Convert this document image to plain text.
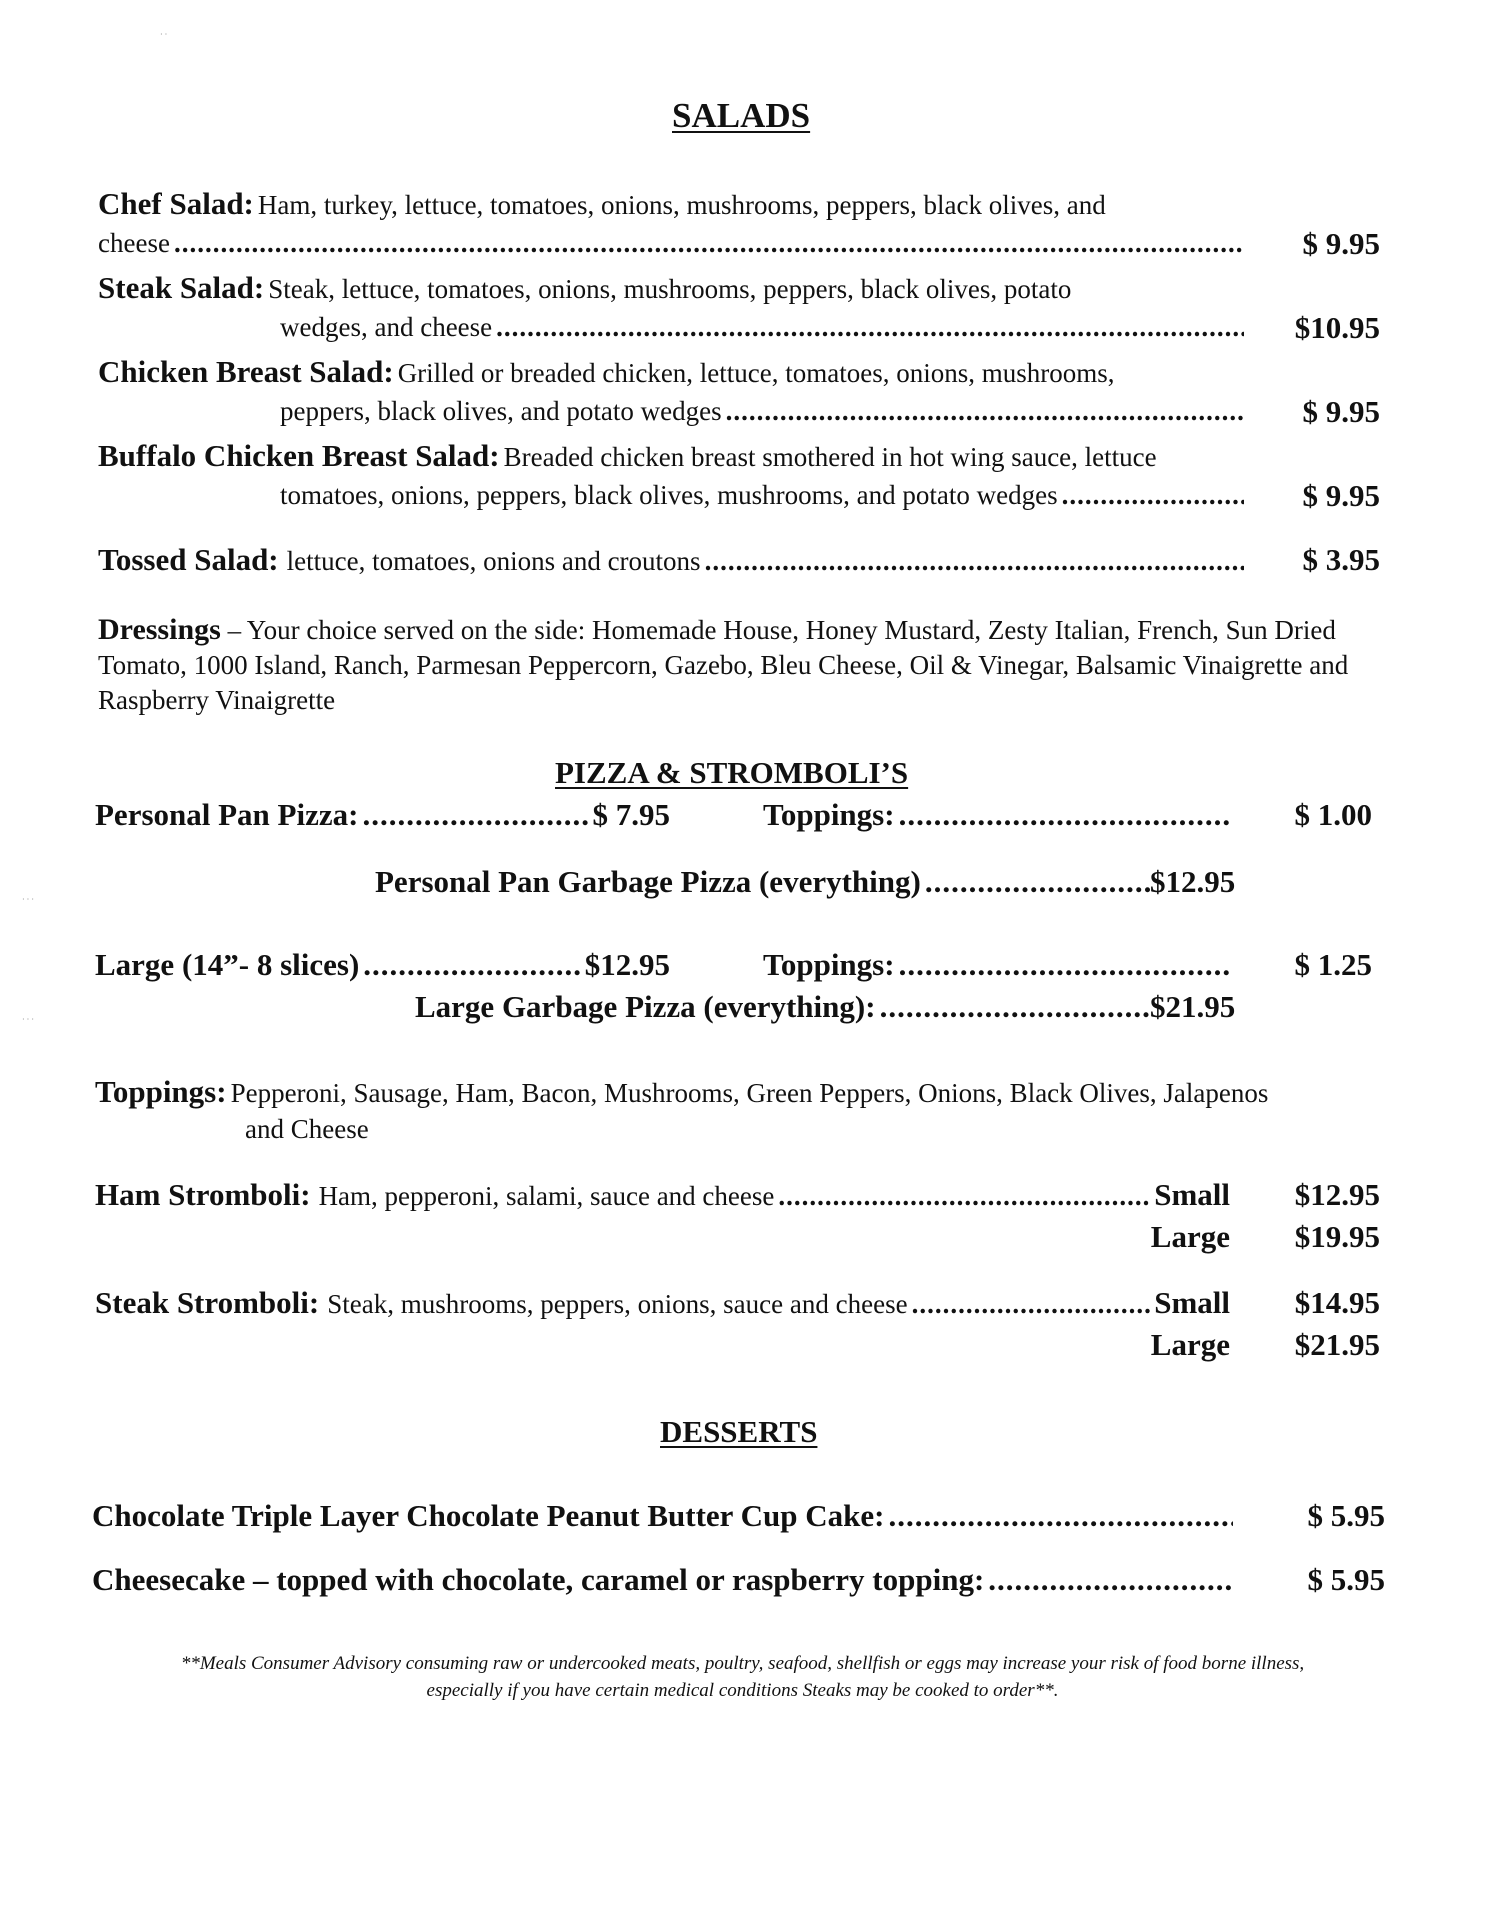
SALADS
Chef Salad: Ham, turkey, lettuce, tomatoes, onions, mushrooms, peppers, black olives, and
cheese .....	$ 9.95
Steak Salad: Steak, lettuce, tomatoes, onions, mushrooms, peppers, black olives, potato
wedges, and cheese .....	$10.95
Chicken Breast Salad: Grilled or breaded chicken, lettuce, tomatoes, onions, mushrooms,
peppers, black olives, and potato wedges .....	$ 9.95
Buffalo Chicken Breast Salad: Breaded chicken breast smothered in hot wing sauce, lettuce
tomatoes, onions, peppers, black olives, mushrooms, and potato wedges .....	$ 9.95
Tossed Salad: lettuce, tomatoes, onions and croutons .....	$ 3.95
Dressings – Your choice served on the side: Homemade House, Honey Mustard, Zesty Italian, French, Sun Dried Tomato, 1000 Island, Ranch, Parmesan Peppercorn, Gazebo, Bleu Cheese, Oil & Vinegar, Balsamic Vinaigrette and Raspberry Vinaigrette
PIZZA & STROMBOLI’S
Personal Pan Pizza: .....	$ 7.95	Toppings: .....	$ 1.00
Personal Pan Garbage Pizza (everything) .....	$12.95
Large (14”- 8 slices) .....	$12.95	Toppings: .....	$ 1.25
Large Garbage Pizza (everything): .....	$21.95
Toppings: Pepperoni, Sausage, Ham, Bacon, Mushrooms, Green Peppers, Onions, Black Olives, Jalapenos
and Cheese
Ham Stromboli: Ham, pepperoni, salami, sauce and cheese .....	Small	$12.95
Large	$19.95
Steak Stromboli: Steak, mushrooms, peppers, onions, sauce and cheese .....	Small	$14.95
Large	$21.95
DESSERTS
Chocolate Triple Layer Chocolate Peanut Butter Cup Cake: .....	$ 5.95
Cheesecake – topped with chocolate, caramel or raspberry topping: .....	$ 5.95
**Meals Consumer Advisory consuming raw or undercooked meats, poultry, seafood, shellfish or eggs may increase your risk of food borne illness,
especially if you have certain medical conditions Steaks may be cooked to order**.
· ·
· · ·
· · ·
